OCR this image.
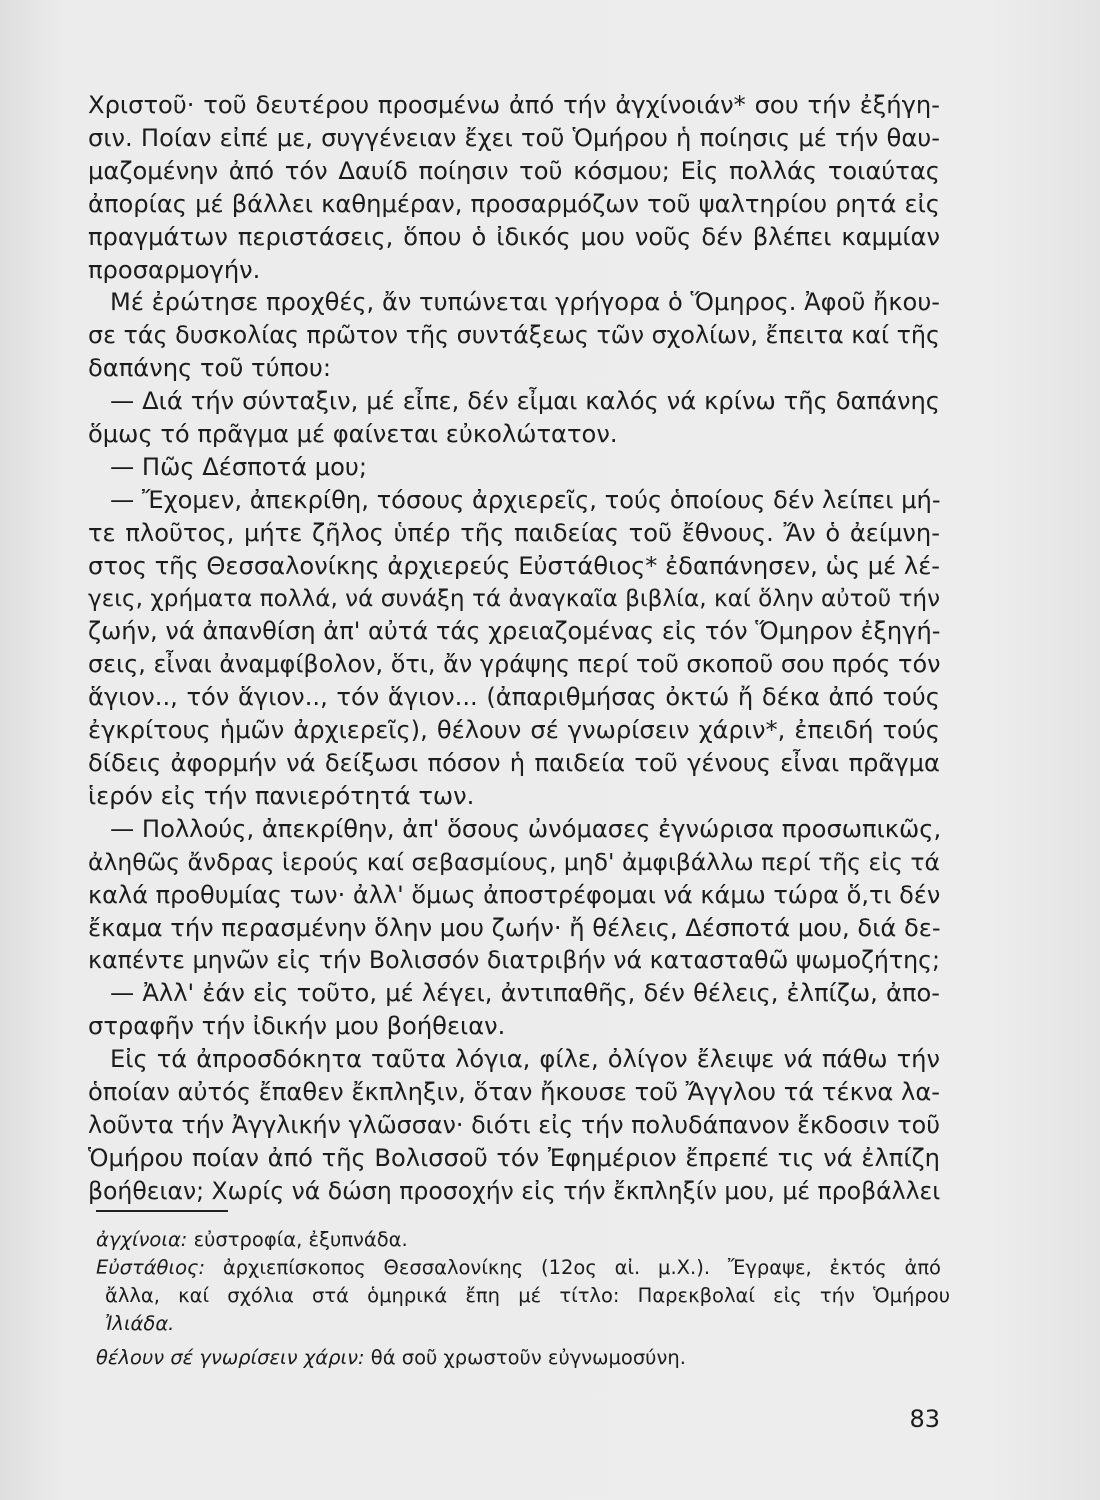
Χριστοῦ· τοῦ δευτέρου προσμένω ἀπό τήν ἀγχίνοιάν* σου τήν ἐξήγη-
σιν. Ποίαν εἰπέ με, συγγένειαν ἔχει τοῦ Ὁμήρου ἡ ποίησις μέ τήν θαυ-
μαζομένην ἀπό τόν Δαυίδ ποίησιν τοῦ κόσμου; Εἰς πολλάς τοιαύτας
ἀπορίας μέ βάλλει καθημέραν, προσαρμόζων τοῦ ψαλτηρίου ρητά εἰς
πραγμάτων περιστάσεις, ὅπου ὁ ἰδικός μου νοῦς δέν βλέπει καμμίαν
προσαρμογήν.
Μέ ἐρώτησε προχθές, ἄν τυπώνεται γρήγορα ὁ Ὅμηρος. Ἀφοῦ ἤκου-
σε τάς δυσκολίας πρῶτον τῆς συντάξεως τῶν σχολίων, ἔπειτα καί τῆς
δαπάνης τοῦ τύπου:
— Διά τήν σύνταξιν, μέ εἶπε, δέν εἶμαι καλός νά κρίνω τῆς δαπάνης
ὅμως τό πρᾶγμα μέ φαίνεται εὐκολώτατον.
— Πῶς Δέσποτά μου;
— Ἔχομεν, ἀπεκρίθη, τόσους ἀρχιερεῖς, τούς ὁποίους δέν λείπει μή-
τε πλοῦτος, μήτε ζῆλος ὑπέρ τῆς παιδείας τοῦ ἔθνους. Ἄν ὁ ἀείμνη-
στος τῆς Θεσσαλονίκης ἀρχιερεύς Εὐστάθιος* ἐδαπάνησεν, ὡς μέ λέ-
γεις, χρήματα πολλά, νά συνάξη τά ἀναγκαῖα βιβλία, καί ὅλην αὐτοῦ τήν
ζωήν, νά ἀπανθίση ἀπ' αὐτά τάς χρειαζομένας εἰς τόν Ὅμηρον ἐξηγή-
σεις, εἶναι ἀναμφίβολον, ὅτι, ἄν γράψης περί τοῦ σκοποῦ σου πρός τόν
ἅγιον.., τόν ἅγιον.., τόν ἅγιον... (ἀπαριθμήσας ὀκτώ ἤ δέκα ἀπό τούς
ἐγκρίτους ἡμῶν ἀρχιερεῖς), θέλουν σέ γνωρίσειν χάριν*, ἐπειδή τούς
δίδεις ἀφορμήν νά δείξωσι πόσον ἡ παιδεία τοῦ γένους εἶναι πρᾶγμα
ἱερόν εἰς τήν πανιερότητά των.
— Πολλούς, ἀπεκρίθην, ἀπ' ὅσους ὠνόμασες ἐγνώρισα προσωπικῶς,
ἀληθῶς ἄνδρας ἱερούς καί σεβασμίους, μηδ' ἀμφιβάλλω περί τῆς εἰς τά
καλά προθυμίας των· ἀλλ' ὅμως ἀποστρέφομαι νά κάμω τώρα ὅ,τι δέν
ἔκαμα τήν περασμένην ὅλην μου ζωήν· ἤ θέλεις, Δέσποτά μου, διά δε-
καπέντε μηνῶν εἰς τήν Βολισσόν διατριβήν νά κατασταθῶ ψωμοζήτης;
— Ἀλλ' ἐάν εἰς τοῦτο, μέ λέγει, ἀντιπαθῆς, δέν θέλεις, ἐλπίζω, ἀπο-
στραφῆν τήν ἰδικήν μου βοήθειαν.
Εἰς τά ἀπροσδόκητα ταῦτα λόγια, φίλε, ὀλίγον ἔλειψε νά πάθω τήν
ὁποίαν αὐτός ἔπαθεν ἔκπληξιν, ὅταν ἤκουσε τοῦ Ἄγγλου τά τέκνα λα-
λοῦντα τήν Ἀγγλικήν γλῶσσαν· διότι εἰς τήν πολυδάπανον ἔκδοσιν τοῦ
Ὁμήρου ποίαν ἀπό τῆς Βολισσοῦ τόν Ἐφημέριον ἔπρεπέ τις νά ἐλπίζη
βοήθειαν; Χωρίς νά δώση προσοχήν εἰς τήν ἔκπληξίν μου, μέ προβάλλει
ἀγχίνοια: εὐστροφία, ἐξυπνάδα.
Εὐστάθιος: ἀρχιεπίσκοπος Θεσσαλονίκης (12ος αἰ. μ.Χ.). Ἔγραψε, ἐκτός ἀπό
ἄλλα, καί σχόλια στά ὁμηρικά ἔπη μέ τίτλο: Παρεκβολαί εἰς τήν Ὁμήρου
Ἰλιάδα.
θέλουν σέ γνωρίσειν χάριν: θά σοῦ χρωστοῦν εὐγνωμοσύνη.
83
